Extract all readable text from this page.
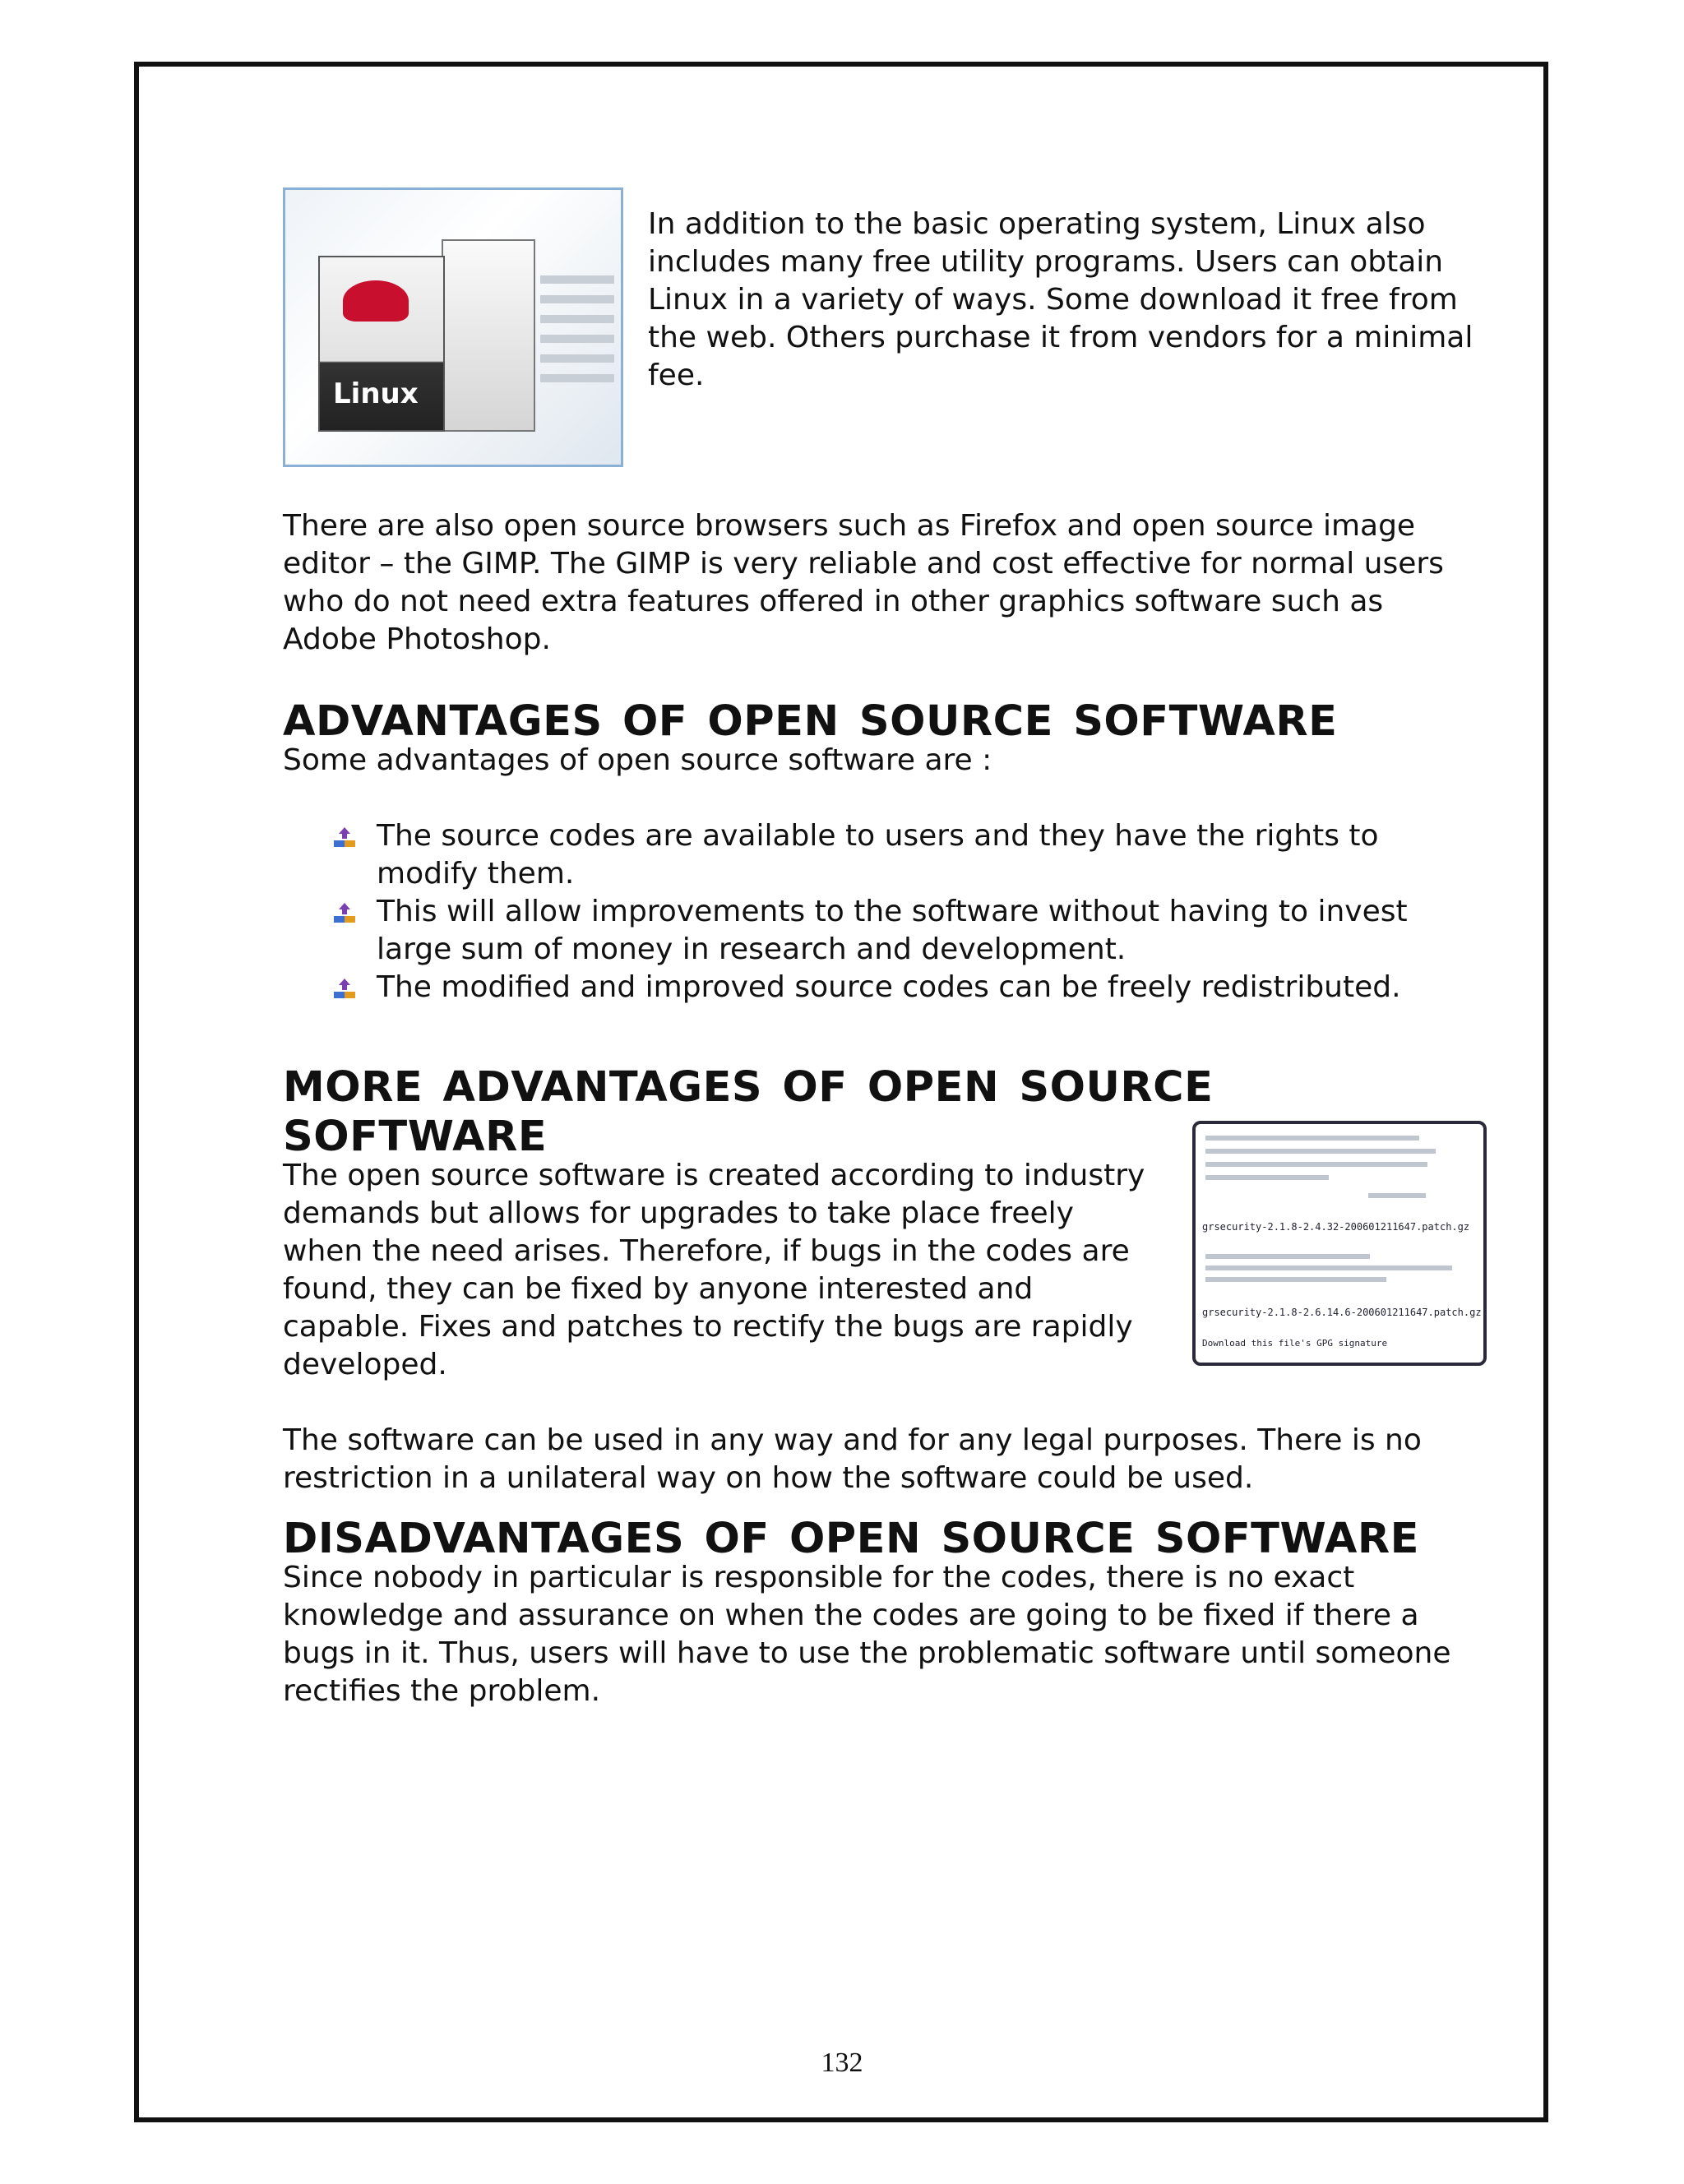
Linux

In addition to the basic operating system, Linux also includes many free utility programs. Users can obtain Linux in a variety of ways. Some download it free from the web. Others purchase it from vendors for a minimal fee.

There are also open source browsers such as Firefox and open source image editor – the GIMP. The GIMP is very reliable and cost effective for normal users who do not need extra features offered in other graphics software such as Adobe Photoshop.

ADVANTAGES OF OPEN SOURCE SOFTWARE

Some advantages of open source software are :

The source codes are available to users and they have the rights to modify them.
This will allow improvements to the software without having to invest large sum of money in research and development.
The modified and improved source codes can be freely redistributed.
MORE ADVANTAGES OF OPEN SOURCE SOFTWARE

The open source software is created according to industry demands but allows for upgrades to take place freely when the need arises. Therefore, if bugs in the codes are found, they can be fixed by anyone interested and capable. Fixes and patches to rectify the bugs are rapidly developed.

The software can be used in any way and for any legal purposes. There is no restriction in a unilateral way on how the software could be used.

grsecurity-2.1.8-2.4.32-200601211647.patch.gz
grsecurity-2.1.8-2.6.14.6-200601211647.patch.gz
Download this file's GPG signature
DISADVANTAGES OF OPEN SOURCE SOFTWARE

Since nobody in particular is responsible for the codes, there is no exact knowledge and assurance on when the codes are going to be fixed if there a bugs in it. Thus, users will have to use the problematic software until someone rectifies the problem.

132
